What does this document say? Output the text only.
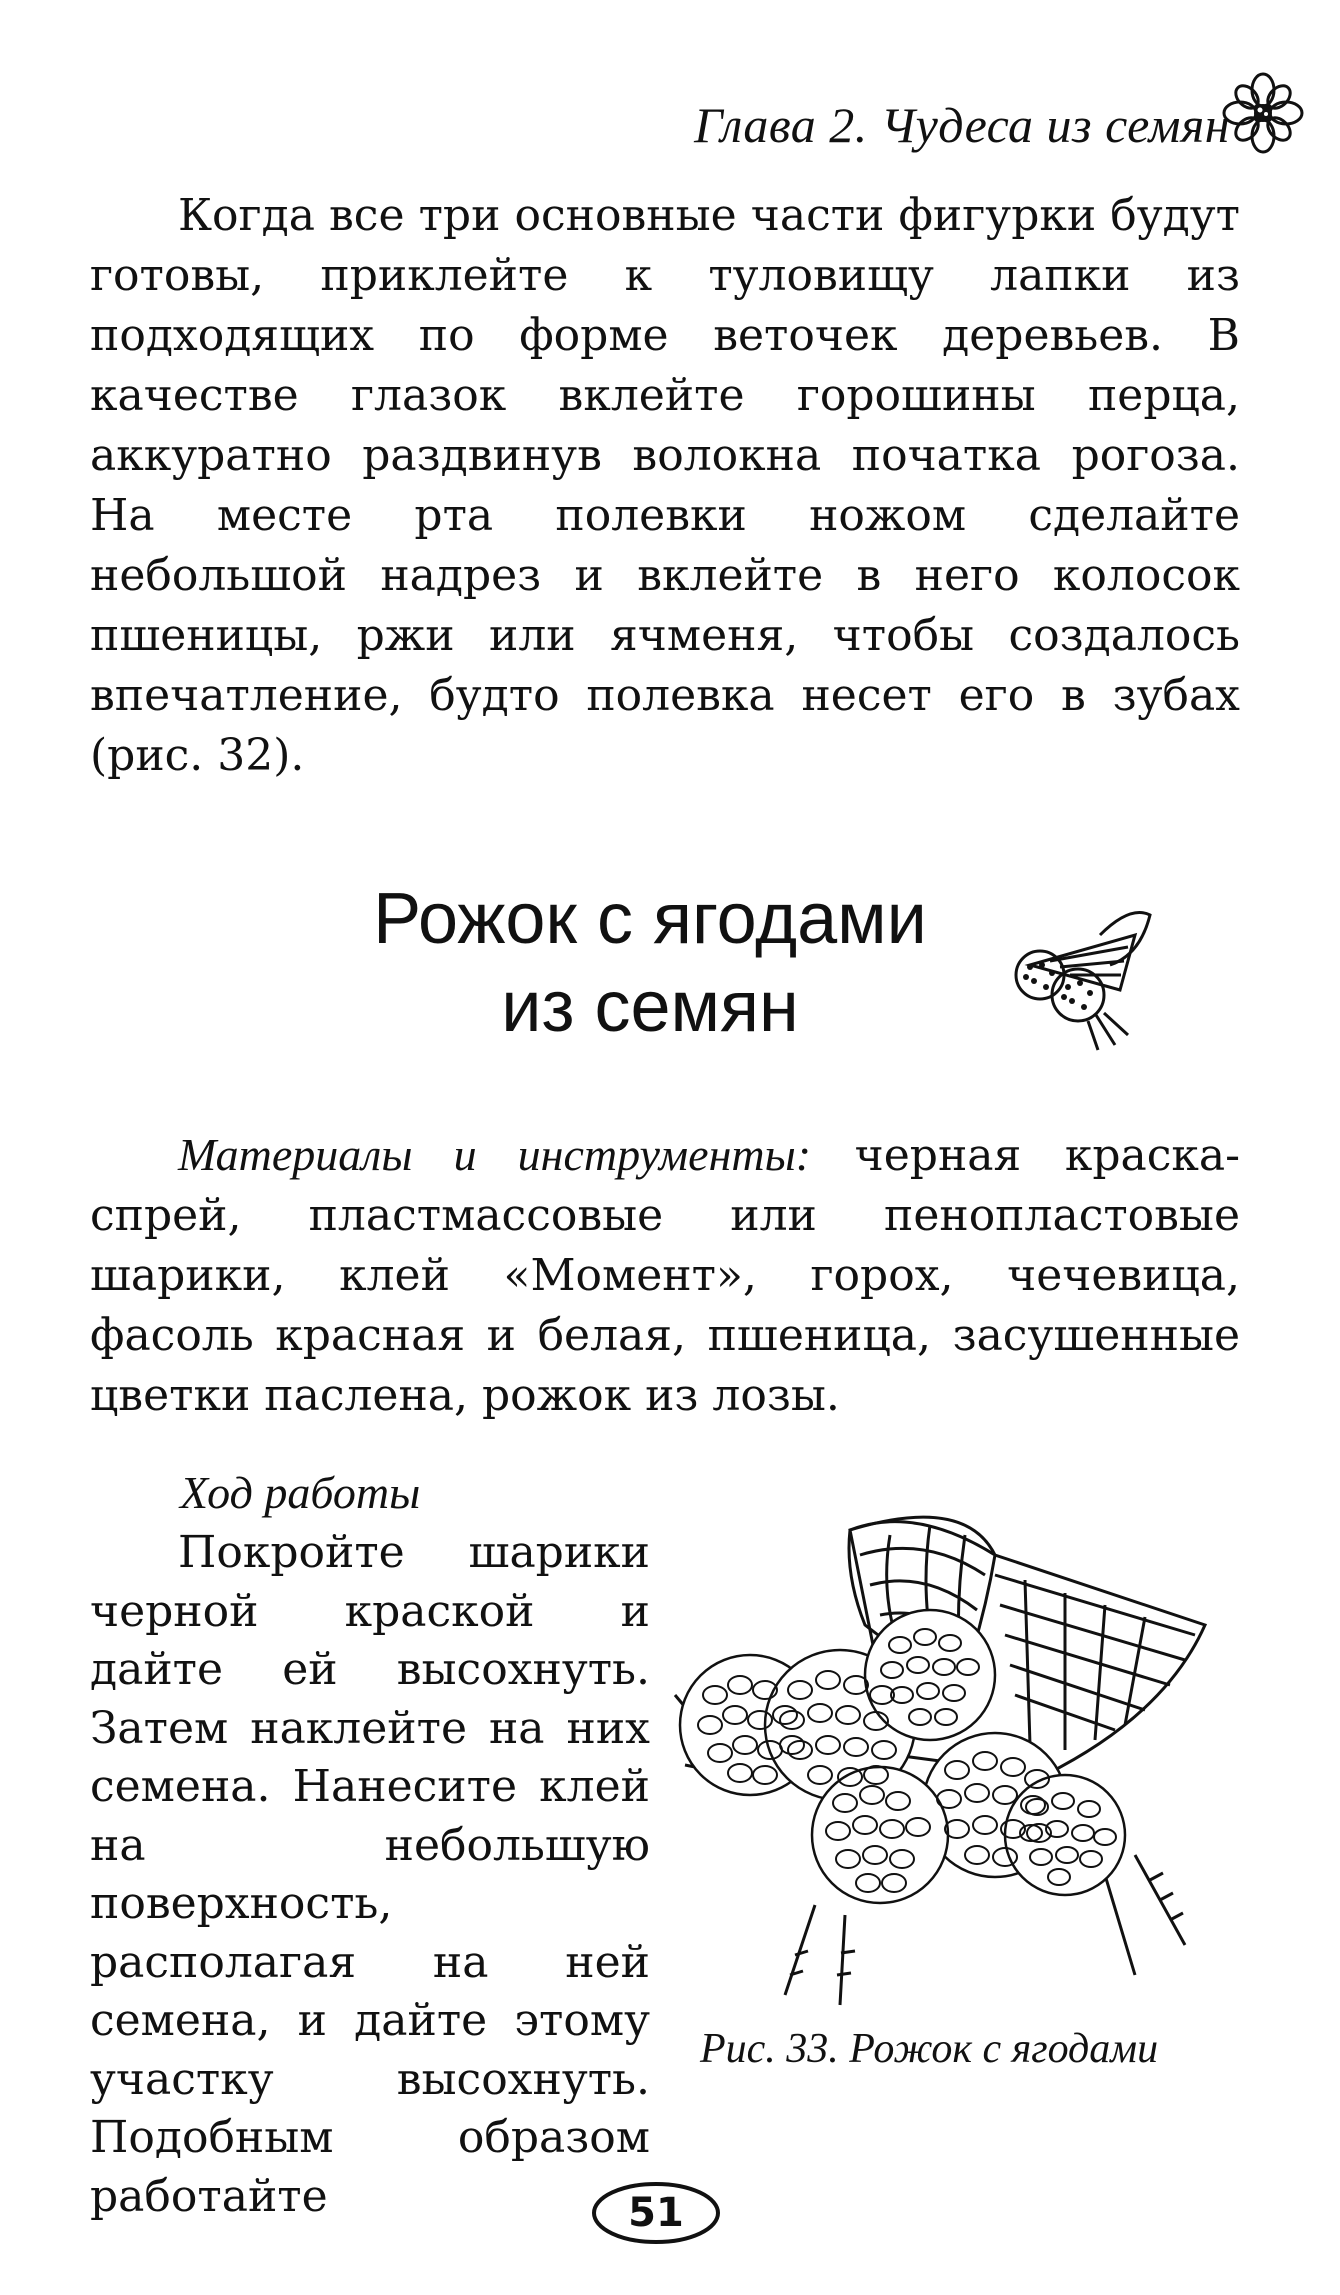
Глава 2. Чудеса из семян

Когда все три основные части фигурки будут готовы, приклейте к туловищу лапки из подходящих по форме веточек деревьев. В качестве глазок вклейте горошины перца, аккуратно раздвинув волокна початка рогоза. На месте рта полевки ножом сделайте небольшой надрез и вклейте в него колосок пшеницы, ржи или ячменя, чтобы создалось впечатление, будто полевка несет его в зубах (рис. 32).

Рожок с ягодами
из семян

Материалы и инструменты: черная краска-спрей, пластмассовые или пенопластовые шарики, клей «Момент», горох, чечевица, фасоль красная и белая, пшеница, засушенные цветки паслена, рожок из лозы.

Ход работы

Покройте шарики черной краской и дайте ей высохнуть. Затем наклейте на них семена. Нанесите клей на небольшую поверхность, располагая на ней семена, и дайте этому участку высохнуть. Подобным образом работайте

Рис. 33. Рожок с ягодами
51
